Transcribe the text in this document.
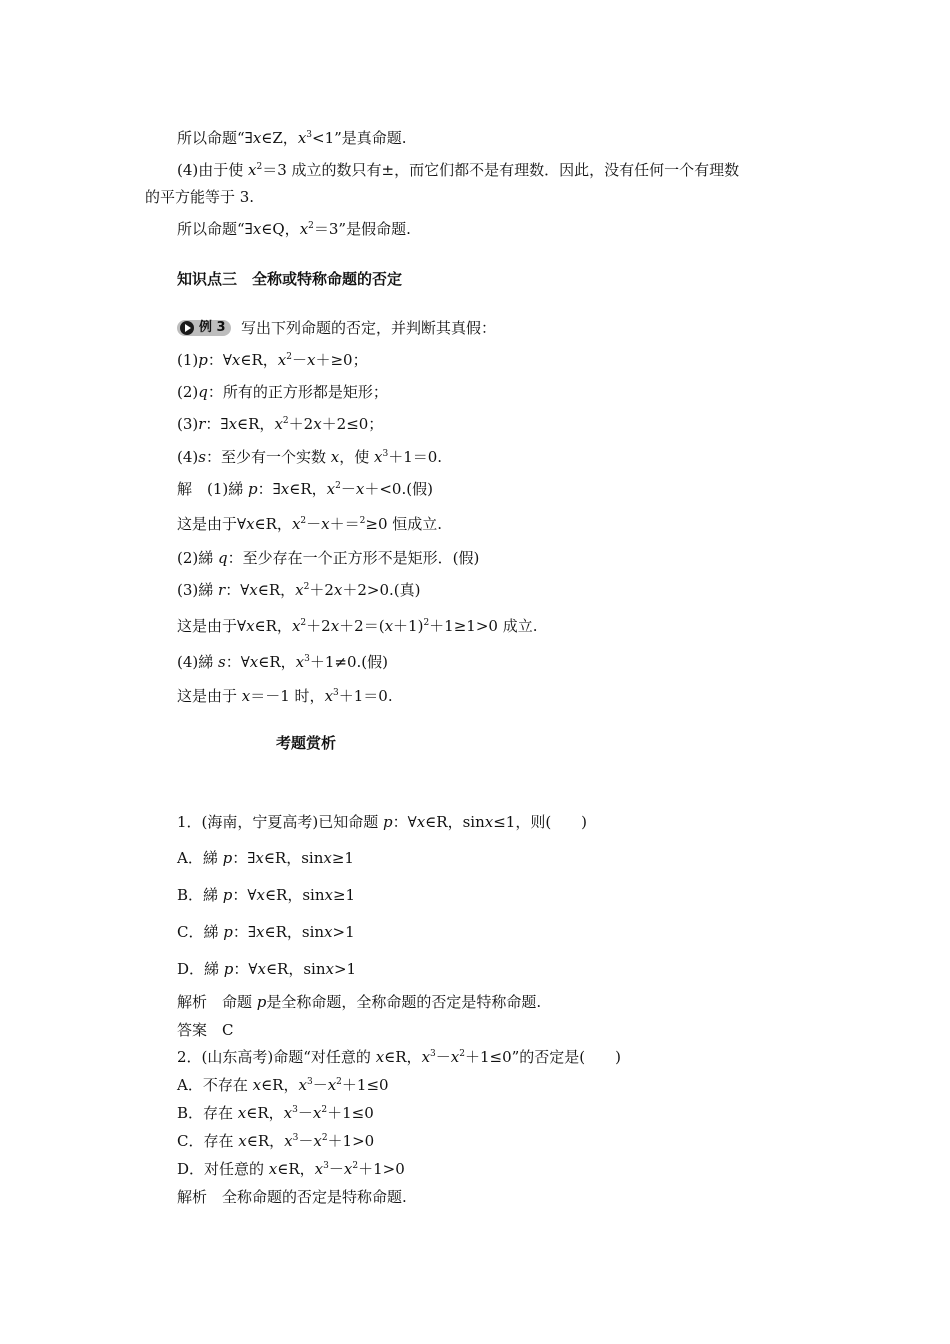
所以命题“∃x∈Z，$x^3<1$”是真命题.
(4)由于使 $x^2=3$ 成立的数只有±，而它们都不是有理数．因此，没有任何一个有理数
的平方能等于 3.
所以命题“∃x∈Q，$x^2=3$”是假命题.
知识点三　全称或特称命题的否定
例 3 写出下列命题的否定，并判断其真假：
(1)p：∀x∈R，$x^2-x+\ge 0$；
(2)q：所有的正方形都是矩形；
(3)r：∃x∈R，$x^2+2x+2\le 0$；
(4)s：至少有一个实数 x，使 $x^3+1=0$.
解　(1)綈 p：∃x∈R，$x^2-x+<0$.(假)
这是由于∀x∈R，$x^2-x+=^2\ge 0$ 恒成立.
(2)綈 q：至少存在一个正方形不是矩形．(假)
(3)綈 r：∀x∈R，$x^2+2x+2>0$.(真)
这是由于∀x∈R，$x^2+2x+2=(x+1)^2+1\ge 1>0$ 成立.
(4)綈 s：∀x∈R，$x^3+1\ne 0$.(假)
这是由于 x＝－1 时，$x^3+1=0$.
考题赏析
1．(海南，宁夏高考)已知命题 p：∀x∈R，sinx≤1，则(　　)
A．綈 p：∃x∈R，sinx≥1
B．綈 p：∀x∈R，sinx≥1
C．綈 p：∃x∈R，sinx>1
D．綈 p：∀x∈R，sinx>1
解析　命题 p是全称命题，全称命题的否定是特称命题.
答案　C
2．(山东高考)命题“对任意的 x∈R，$x^3-x^2+1\le 0$”的否定是(　　)
A．不存在 x∈R，$x^3-x^2+1\le 0$
B．存在 x∈R，$x^3-x^2+1\le 0$
C．存在 x∈R，$x^3-x^2+1>0$
D．对任意的 x∈R，$x^3-x^2+1>0$
解析　全称命题的否定是特称命题.
